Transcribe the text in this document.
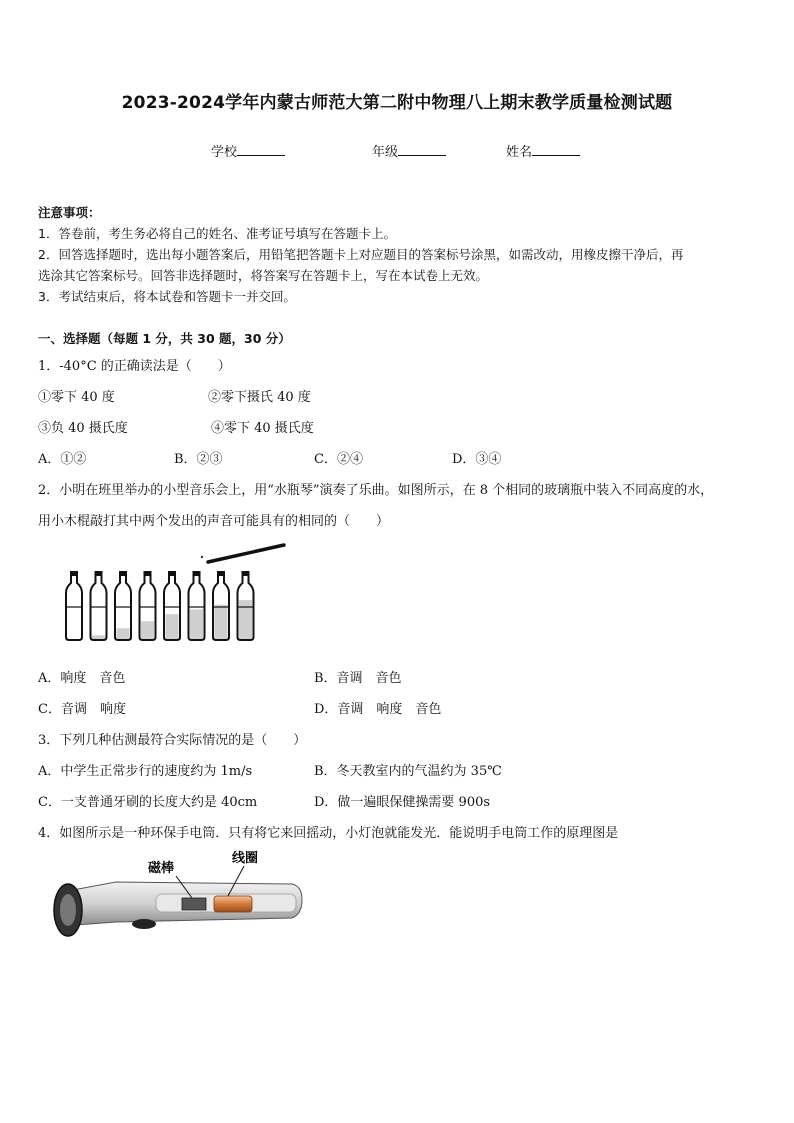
2023-2024学年内蒙古师范大第二附中物理八上期末教学质量检测试题
学校	年级	姓名
注意事项：
1．答卷前，考生务必将自己的姓名、准考证号填写在答题卡上。
2．回答选择题时，选出每小题答案后，用铅笔把答题卡上对应题目的答案标号涂黑，如需改动，用橡皮擦干净后，再
选涂其它答案标号。回答非选择题时，将答案写在答题卡上，写在本试卷上无效。
3．考试结束后，将本试卷和答题卡一并交回。
一、选择题（每题 1 分，共 30 题，30 分）
1．-40°C 的正确读法是（　　）
①零下 40 度	②零下摄氏 40 度
③负 40 摄氏度	④零下 40 摄氏度
A．①②	B．②③	C．②④	D．③④
2．小明在班里举办的小型音乐会上，用“水瓶琴”演奏了乐曲。如图所示，在 8 个相同的玻璃瓶中装入不同高度的水，
用小木棍敲打其中两个发出的声音可能具有的相同的（　　）
A．响度　音色	B．音调　音色
C．音调　响度	D．音调　响度　音色
3．下列几种估测最符合实际情况的是（　　）
A．中学生正常步行的速度约为 1m/s	B．冬天教室内的气温约为 35℃
C．一支普通牙刷的长度大约是 40cm	D．做一遍眼保健操需要 900s
4．如图所示是一种环保手电筒．只有将它来回摇动，小灯泡就能发光．能说明手电筒工作的原理图是
磁棒
线圈
